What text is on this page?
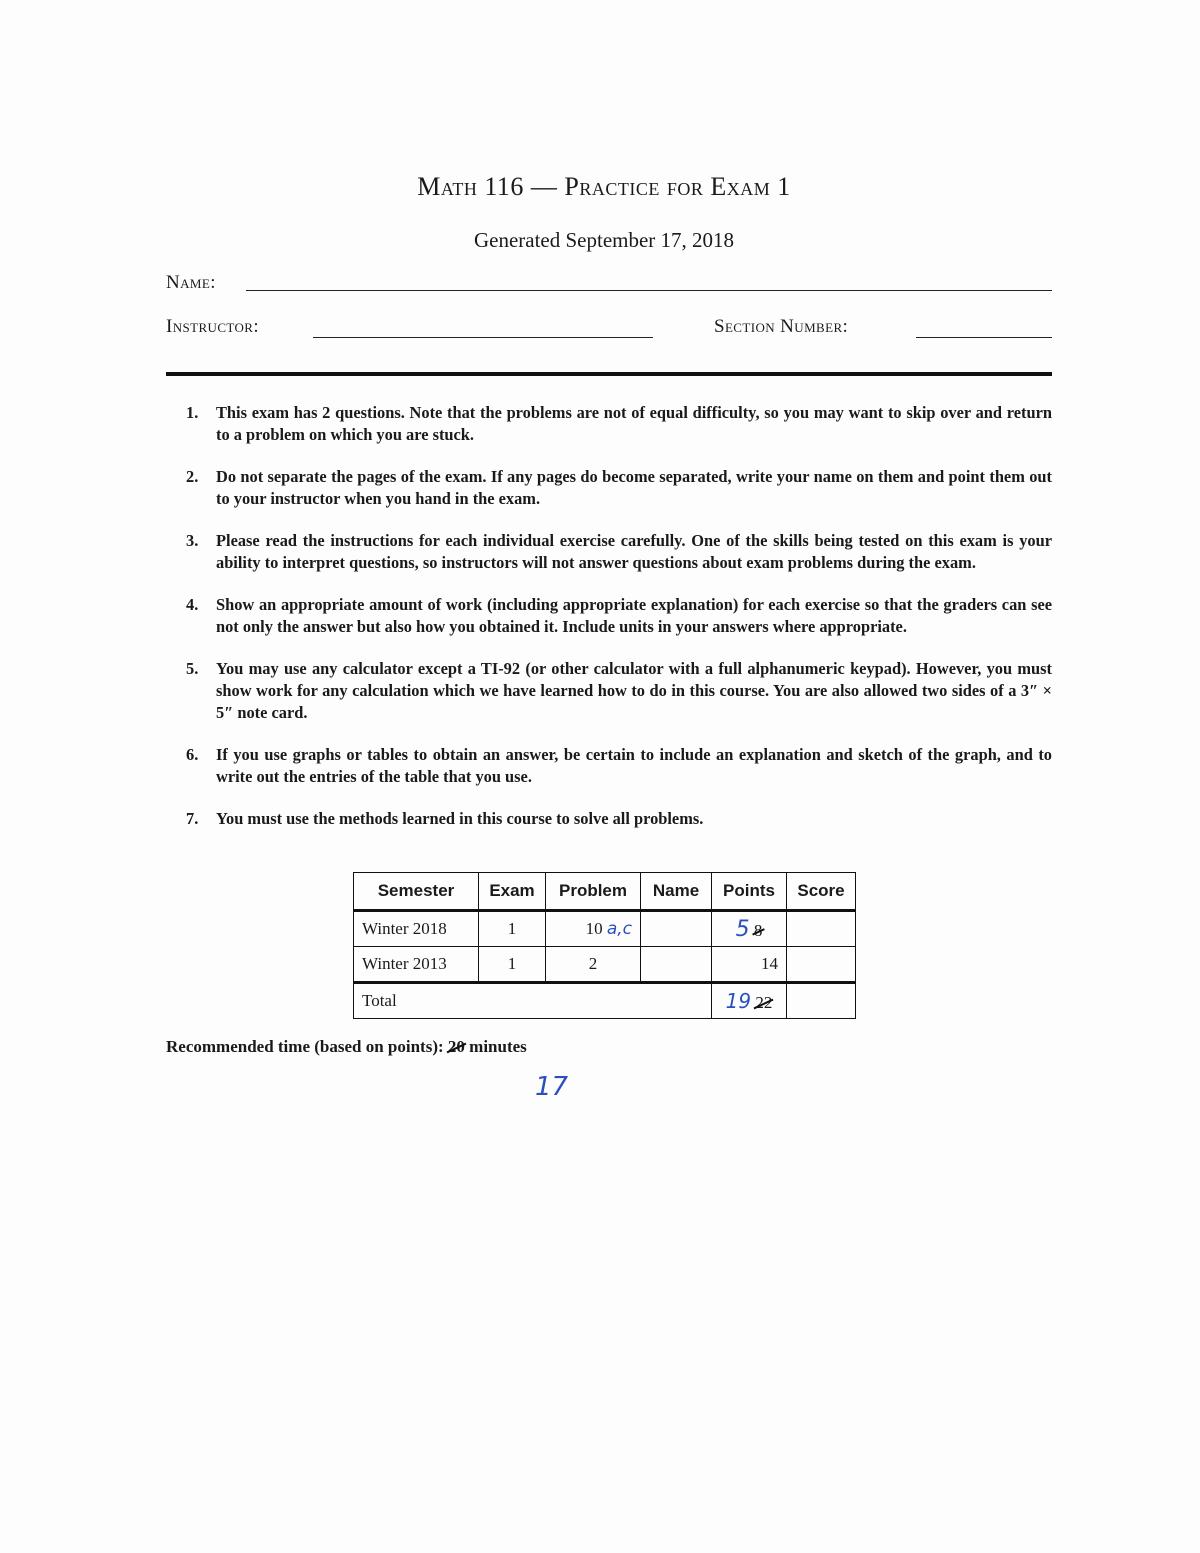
Math 116 — Practice for Exam 1
Generated September 17, 2018
Name:
Instructor:	Section Number:
1. This exam has 2 questions. Note that the problems are not of equal difficulty, so you may want to skip over and return to a problem on which you are stuck.
2. Do not separate the pages of the exam. If any pages do become separated, write your name on them and point them out to your instructor when you hand in the exam.
3. Please read the instructions for each individual exercise carefully. One of the skills being tested on this exam is your ability to interpret questions, so instructors will not answer questions about exam problems during the exam.
4. Show an appropriate amount of work (including appropriate explanation) for each exercise so that the graders can see not only the answer but also how you obtained it. Include units in your answers where appropriate.
5. You may use any calculator except a TI-92 (or other calculator with a full alphanumeric keypad). However, you must show work for any calculation which we have learned how to do in this course. You are also allowed two sides of a 3″ × 5″ note card.
6. If you use graphs or tables to obtain an answer, be certain to include an explanation and sketch of the graph, and to write out the entries of the table that you use.
7. You must use the methods learned in this course to solve all problems.
Semester	Exam	Problem	Name	Points	Score
Winter 2018	1	10 a,c		5 8	
Winter 2013	1	2		14	
Total				19 22	
Recommended time (based on points): 20 minutes
17
